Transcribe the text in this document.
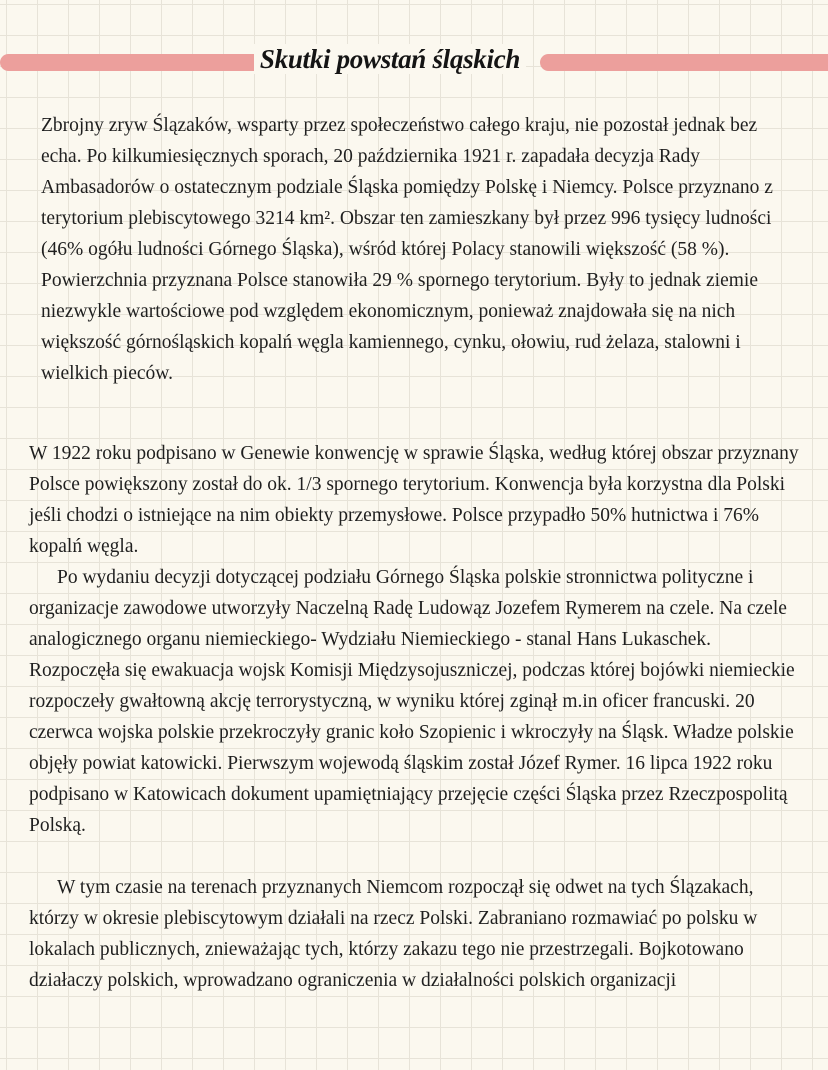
Skutki powstań śląskich

Zbrojny zryw Ślązaków, wsparty przez społeczeństwo całego kraju, nie pozostał jednak bez echa. Po kilkumiesięcznych sporach, 20 października 1921 r. zapadała decyzja Rady Ambasadorów o ostatecznym podziale Śląska pomiędzy Polskę i Niemcy. Polsce przyznano z terytorium plebiscytowego 3214 km². Obszar ten zamieszkany był przez 996 tysięcy ludności (46% ogółu ludności Górnego Śląska), wśród której Polacy stanowili większość (58 %). Powierzchnia przyznana Polsce stanowiła 29 % spornego terytorium. Były to jednak ziemie niezwykle wartościowe pod względem ekonomicznym, ponieważ znajdowała się na nich większość górnośląskich kopalń węgla kamiennego, cynku, ołowiu, rud żelaza, stalowni i wielkich pieców.

W 1922 roku podpisano w Genewie konwencję w sprawie Śląska, według której obszar przyznany Polsce powiększony został do ok. 1/3 spornego terytorium. Konwencja była korzystna dla Polski jeśli chodzi o istniejące na nim obiekty przemysłowe. Polsce przypadło 50% hutnictwa i 76% kopalń węgla.

Po wydaniu decyzji dotyczącej podziału Górnego Śląska polskie stronnictwa polityczne i organizacje zawodowe utworzyły Naczelną Radę Ludowąz Jozefem Rymerem na czele. Na czele analogicznego organu niemieckiego- Wydziału Niemieckiego - stanal Hans Lukaschek. Rozpoczęła się ewakuacja wojsk Komisji Międzysojuszniczej, podczas której bojówki niemieckie rozpoczeły gwałtowną akcję terrorystyczną, w wyniku której zginął m.in oficer francuski. 20 czerwca wojska polskie przekroczyły granic koło Szopienic i wkroczyły na Śląsk. Władze polskie objęły powiat katowicki. Pierwszym wojewodą śląskim został Józef Rymer. 16 lipca 1922 roku podpisano w Katowicach dokument upamiętniający przejęcie części Śląska przez Rzeczpospolitą Polską.

W tym czasie na terenach przyznanych Niemcom rozpoczął się odwet na tych Ślązakach, którzy w okresie plebiscytowym działali na rzecz Polski. Zabraniano rozmawiać po polsku w lokalach publicznych, znieważając tych, którzy zakazu tego nie przestrzegali. Bojkotowano działaczy polskich, wprowadzano ograniczenia w działalności polskich organizacji
